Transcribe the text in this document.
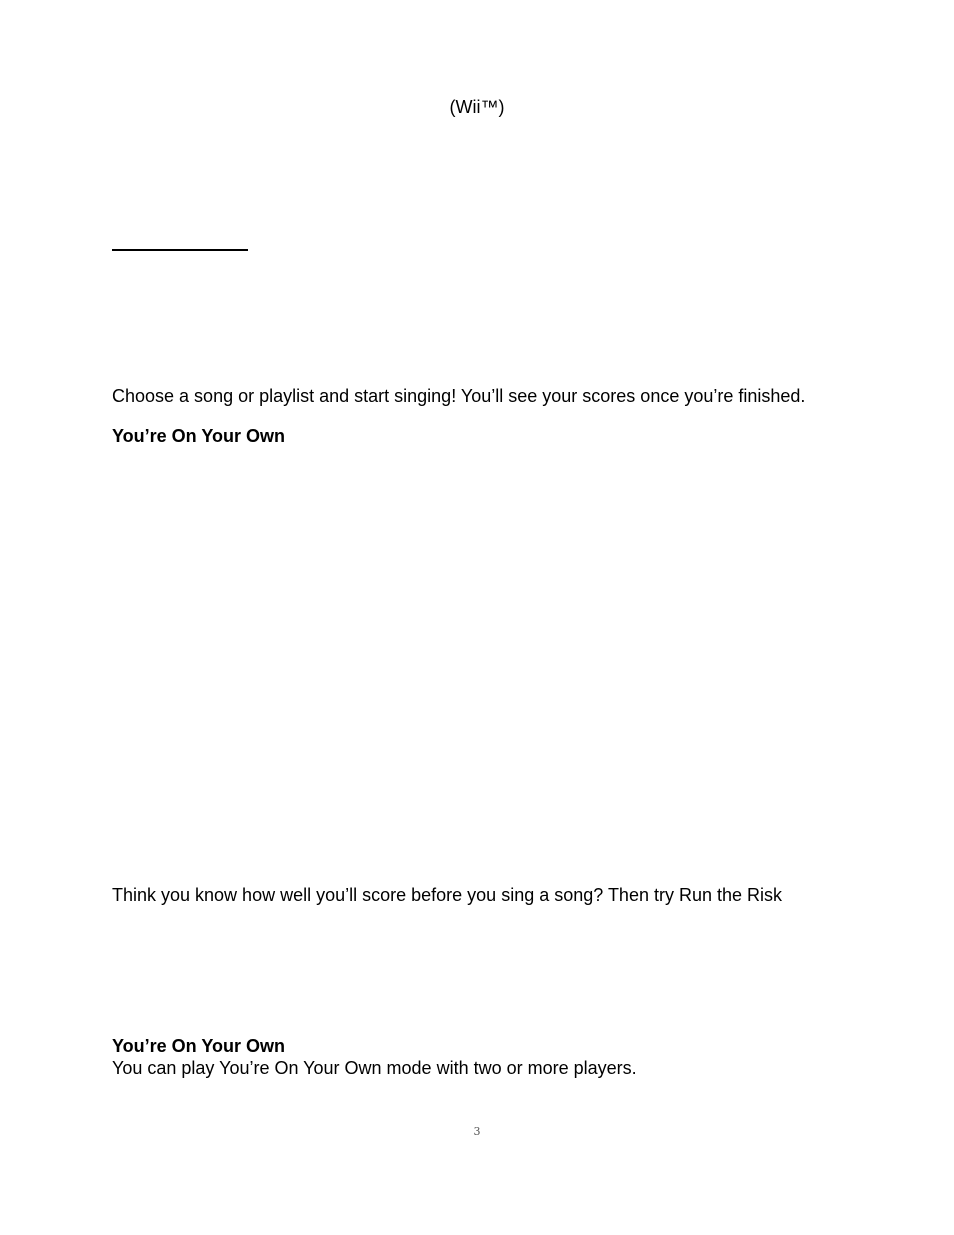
(Wii™)

Choose a song or playlist and start singing! You’ll see your scores once you’re finished.

You’re On Your Own

Think you know how well you’ll score before you sing a song? Then try Run the Risk

You’re On Your Own

You can play You’re On Your Own mode with two or more players.

3
